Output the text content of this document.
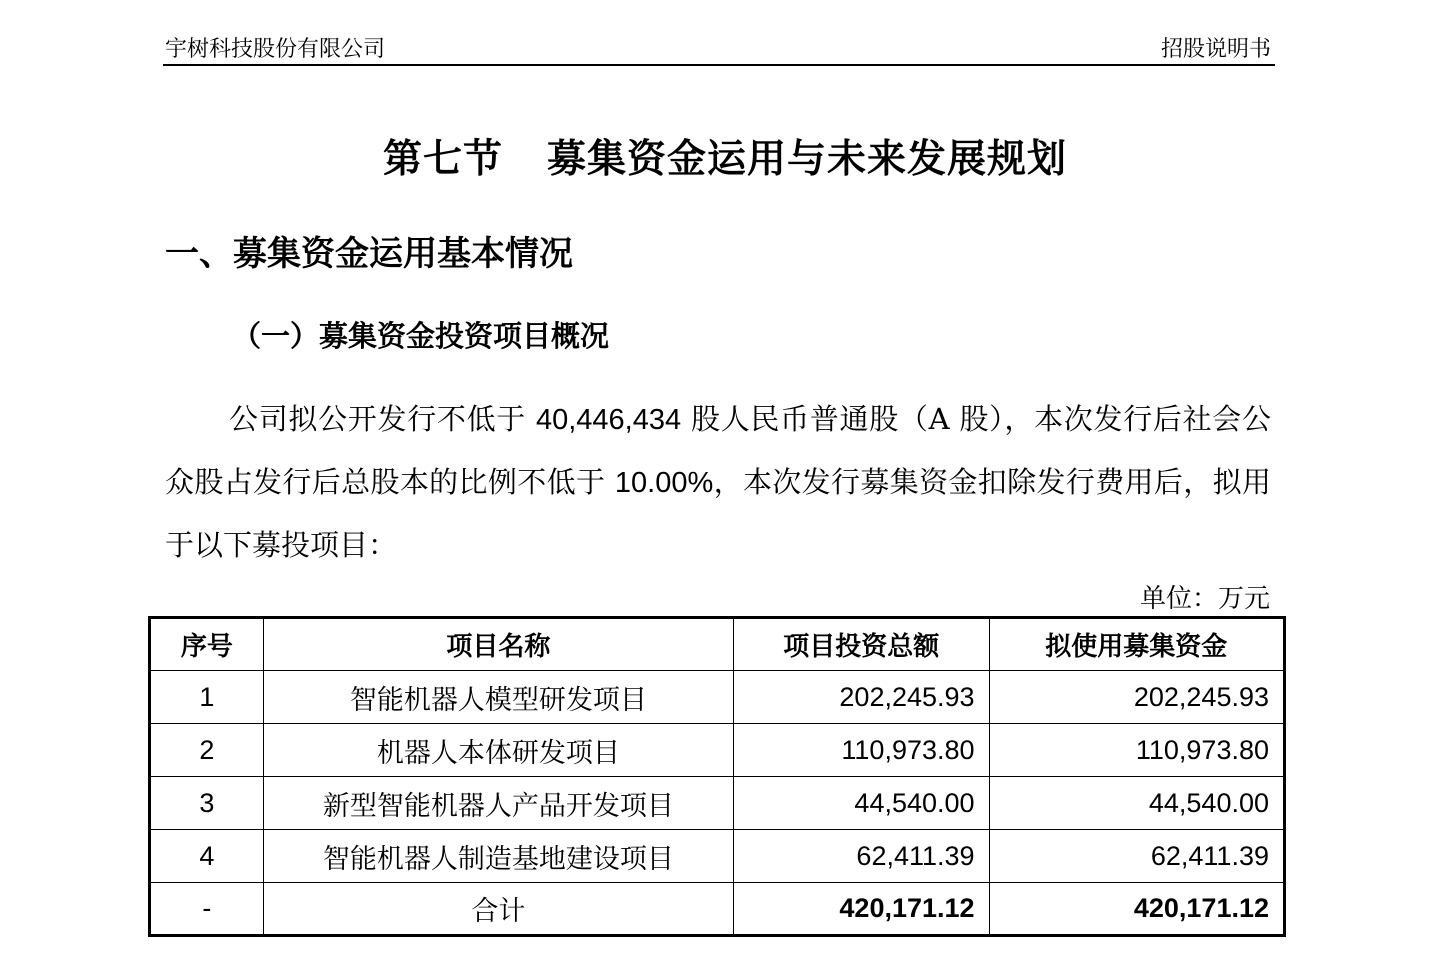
宇树科技股份有限公司	招股说明书
第七节 募集资金运用与未来发展规划
一、募集资金运用基本情况
（一）募集资金投资项目概况
公司拟公开发行不低于 40,446,434 股人民币普通股（A 股），本次发行后社会公众股占发行后总股本的比例不低于 10.00%，本次发行募集资金扣除发行费用后，拟用于以下募投项目：
单位：万元
序号	项目名称	项目投资总额	拟使用募集资金
1	智能机器人模型研发项目	202,245.93	202,245.93
2	机器人本体研发项目	110,973.80	110,973.80
3	新型智能机器人产品开发项目	44,540.00	44,540.00
4	智能机器人制造基地建设项目	62,411.39	62,411.39
-	合计	420,171.12	420,171.12
